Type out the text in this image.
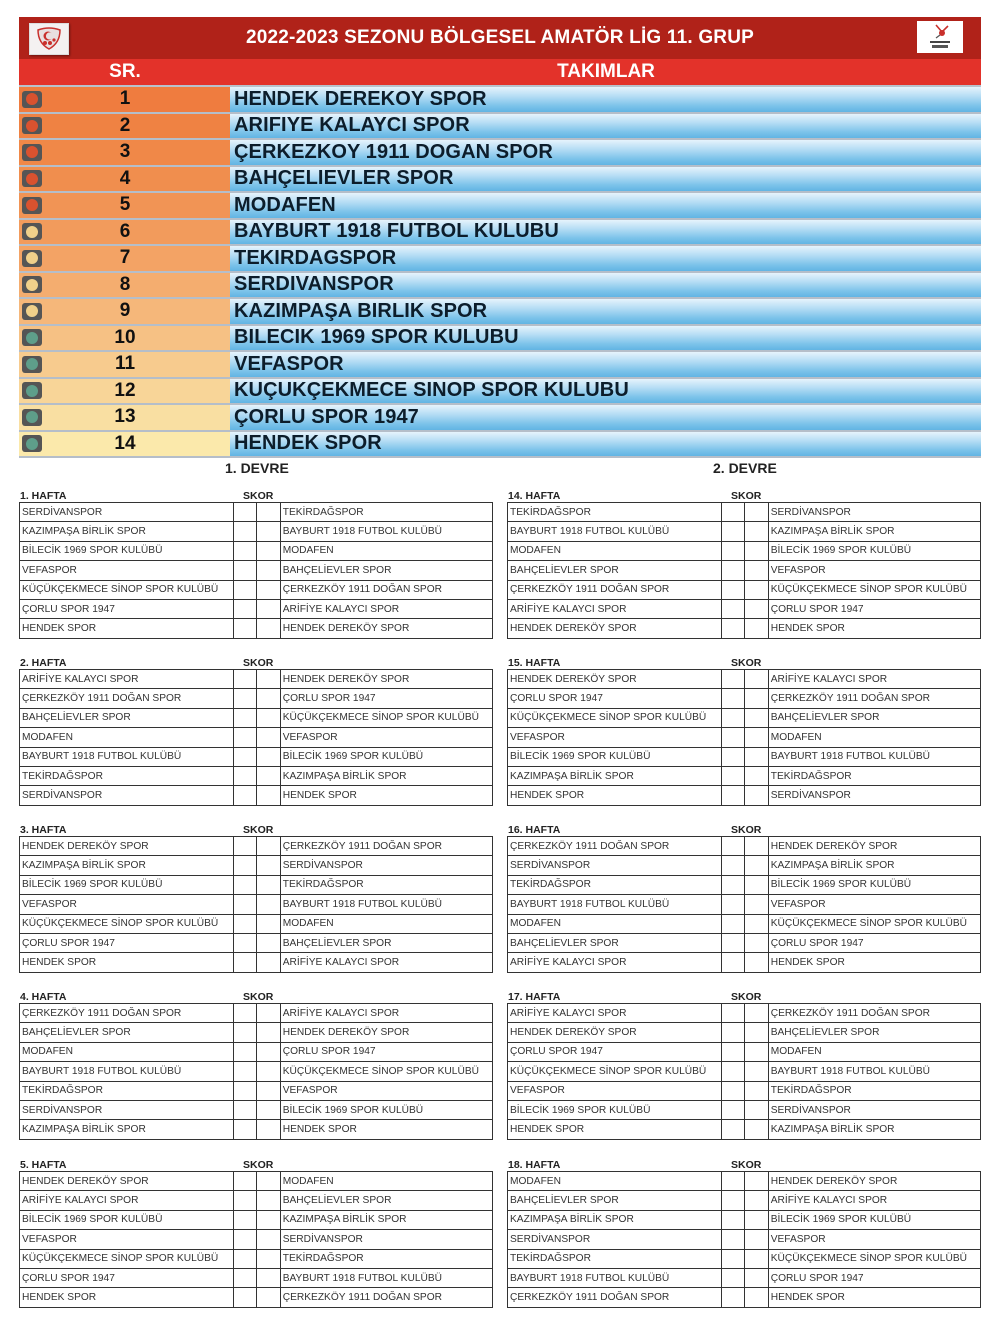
2022-2023 SEZONU BÖLGESEL AMATÖR LİG 11. GRUP
SR.	TAKIMLAR
1	HENDEK DEREKOY SPOR
2	ARIFIYE KALAYCI SPOR
3	ÇERKEZKOY 1911 DOGAN SPOR
4	BAHÇELIEVLER SPOR
5	MODAFEN
6	BAYBURT 1918 FUTBOL KULUBU
7	TEKIRDAGSPOR
8	SERDIVANSPOR
9	KAZIMPAŞA BIRLIK SPOR
10	BILECIK 1969 SPOR KULUBU
11	VEFASPOR
12	KUÇUKÇEKMECE SINOP SPOR KULUBU
13	ÇORLU SPOR 1947
14	HENDEK SPOR
1. DEVRE	2. DEVRE
1. HAFTA	SKOR
SERDİVANSPOR			TEKİRDAĞSPOR
KAZIMPAŞA BİRLİK SPOR			BAYBURT 1918 FUTBOL KULÜBÜ
BİLECİK 1969 SPOR KULÜBÜ			MODAFEN
VEFASPOR			BAHÇELİEVLER SPOR
KÜÇÜKÇEKMECE SİNOP SPOR KULÜBÜ			ÇERKEZKÖY 1911 DOĞAN SPOR
ÇORLU SPOR 1947			ARİFİYE KALAYCI SPOR
HENDEK SPOR			HENDEK DEREKÖY SPOR
2. HAFTA	SKOR
ARİFİYE KALAYCI SPOR			HENDEK DEREKÖY SPOR
ÇERKEZKÖY 1911 DOĞAN SPOR			ÇORLU SPOR 1947
BAHÇELİEVLER SPOR			KÜÇÜKÇEKMECE SİNOP SPOR KULÜBÜ
MODAFEN			VEFASPOR
BAYBURT 1918 FUTBOL KULÜBÜ			BİLECİK 1969 SPOR KULÜBÜ
TEKİRDAĞSPOR			KAZIMPAŞA BİRLİK SPOR
SERDİVANSPOR			HENDEK SPOR
3. HAFTA	SKOR
HENDEK DEREKÖY SPOR			ÇERKEZKÖY 1911 DOĞAN SPOR
KAZIMPAŞA BİRLİK SPOR			SERDİVANSPOR
BİLECİK 1969 SPOR KULÜBÜ			TEKİRDAĞSPOR
VEFASPOR			BAYBURT 1918 FUTBOL KULÜBÜ
KÜÇÜKÇEKMECE SİNOP SPOR KULÜBÜ			MODAFEN
ÇORLU SPOR 1947			BAHÇELİEVLER SPOR
HENDEK SPOR			ARİFİYE KALAYCI SPOR
4. HAFTA	SKOR
ÇERKEZKÖY 1911 DOĞAN SPOR			ARİFİYE KALAYCI SPOR
BAHÇELİEVLER SPOR			HENDEK DEREKÖY SPOR
MODAFEN			ÇORLU SPOR 1947
BAYBURT 1918 FUTBOL KULÜBÜ			KÜÇÜKÇEKMECE SİNOP SPOR KULÜBÜ
TEKİRDAĞSPOR			VEFASPOR
SERDİVANSPOR			BİLECİK 1969 SPOR KULÜBÜ
KAZIMPAŞA BİRLİK SPOR			HENDEK SPOR
5. HAFTA	SKOR
HENDEK DEREKÖY SPOR			MODAFEN
ARİFİYE KALAYCI SPOR			BAHÇELİEVLER SPOR
BİLECİK 1969 SPOR KULÜBÜ			KAZIMPAŞA BİRLİK SPOR
VEFASPOR			SERDİVANSPOR
KÜÇÜKÇEKMECE SİNOP SPOR KULÜBÜ			TEKİRDAĞSPOR
ÇORLU SPOR 1947			BAYBURT 1918 FUTBOL KULÜBÜ
HENDEK SPOR			ÇERKEZKÖY 1911 DOĞAN SPOR
14. HAFTA	SKOR
TEKİRDAĞSPOR			SERDİVANSPOR
BAYBURT 1918 FUTBOL KULÜBÜ			KAZIMPAŞA BİRLİK SPOR
MODAFEN			BİLECİK 1969 SPOR KULÜBÜ
BAHÇELİEVLER SPOR			VEFASPOR
ÇERKEZKÖY 1911 DOĞAN SPOR			KÜÇÜKÇEKMECE SİNOP SPOR KULÜBÜ
ARİFİYE KALAYCI SPOR			ÇORLU SPOR 1947
HENDEK DEREKÖY SPOR			HENDEK SPOR
15. HAFTA	SKOR
HENDEK DEREKÖY SPOR			ARİFİYE KALAYCI SPOR
ÇORLU SPOR 1947			ÇERKEZKÖY 1911 DOĞAN SPOR
KÜÇÜKÇEKMECE SİNOP SPOR KULÜBÜ			BAHÇELİEVLER SPOR
VEFASPOR			MODAFEN
BİLECİK 1969 SPOR KULÜBÜ			BAYBURT 1918 FUTBOL KULÜBÜ
KAZIMPAŞA BİRLİK SPOR			TEKİRDAĞSPOR
HENDEK SPOR			SERDİVANSPOR
16. HAFTA	SKOR
ÇERKEZKÖY 1911 DOĞAN SPOR			HENDEK DEREKÖY SPOR
SERDİVANSPOR			KAZIMPAŞA BİRLİK SPOR
TEKİRDAĞSPOR			BİLECİK 1969 SPOR KULÜBÜ
BAYBURT 1918 FUTBOL KULÜBÜ			VEFASPOR
MODAFEN			KÜÇÜKÇEKMECE SİNOP SPOR KULÜBÜ
BAHÇELİEVLER SPOR			ÇORLU SPOR 1947
ARİFİYE KALAYCI SPOR			HENDEK SPOR
17. HAFTA	SKOR
ARİFİYE KALAYCI SPOR			ÇERKEZKÖY 1911 DOĞAN SPOR
HENDEK DEREKÖY SPOR			BAHÇELİEVLER SPOR
ÇORLU SPOR 1947			MODAFEN
KÜÇÜKÇEKMECE SİNOP SPOR KULÜBÜ			BAYBURT 1918 FUTBOL KULÜBÜ
VEFASPOR			TEKİRDAĞSPOR
BİLECİK 1969 SPOR KULÜBÜ			SERDİVANSPOR
HENDEK SPOR			KAZIMPAŞA BİRLİK SPOR
18. HAFTA	SKOR
MODAFEN			HENDEK DEREKÖY SPOR
BAHÇELİEVLER SPOR			ARİFİYE KALAYCI SPOR
KAZIMPAŞA BİRLİK SPOR			BİLECİK 1969 SPOR KULÜBÜ
SERDİVANSPOR			VEFASPOR
TEKİRDAĞSPOR			KÜÇÜKÇEKMECE SİNOP SPOR KULÜBÜ
BAYBURT 1918 FUTBOL KULÜBÜ			ÇORLU SPOR 1947
ÇERKEZKÖY 1911 DOĞAN SPOR			HENDEK SPOR
